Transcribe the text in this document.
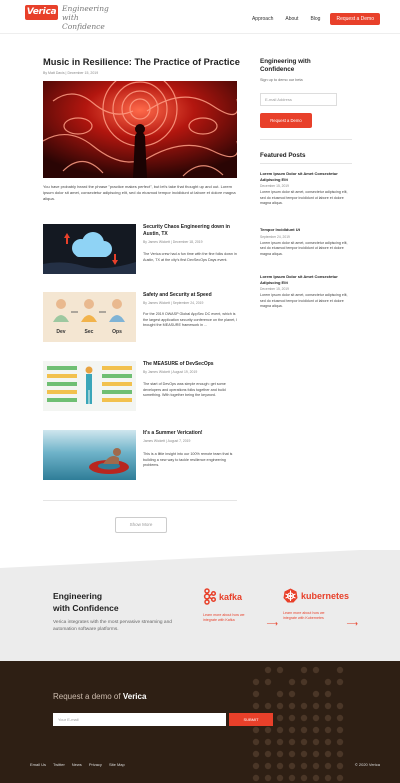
Verica Engineering
with
Confidence
Approach About Blog	Request a Demo
Music in Resilience: The Practice of Practice
By Matt Davis | December 15, 2019
You have probably heard the phrase "practice makes perfect", but let's take that thought up and out. Lorem ipsum dolor sit amet, consectetur adipiscing elit, sed do eiusmod tempor incididunt ut labore et dolore magna aliqua.
Security Chaos Engineering down in Austin, TX
By James Wickett | December 18, 2019
The Verica crew had a fun time with the fine folks down in Austin, TX at the city's first DevSecOps Days event.
Dev	Sec	Ops
Safety and Security at Speed
By James Wickett | September 24, 2019
For the 2019 OWASP Global AppSec DC event, which is the largest application security conference on the planet, I brought the MEASURE framework in ...
The MEASURE of DevSecOps
By James Wickett | August 19, 2019
The start of DevOps was simple enough: get some developers and operations folks together and build something. With together being the keyword.
It's a Summer Verication!
James Wickett | August 7, 2019
This is a little insight into our 100% remote team that is building a new way to tackle resilience engineering problems.
Show More
Engineering with Confidence
Sign up to demo our beta
E-mail Address
Request a Demo
Featured Posts
Lorem Ipsum Dolor sit Amet Consectetur Adipiscing Elit
December 15, 2019
Lorem ipsum dolor sit amet, consectetur adipiscing elit, sed do eiusmod tempor incididunt ut labore et dolore magna aliqua.
Tempor Incididunt Ut
September 24, 2019
Lorem ipsum dolor sit amet, consectetur adipiscing elit, sed do eiusmod tempor incididunt ut labore et dolore magna aliqua.
Lorem Ipsum Dolor sit Amet Consectetur Adipiscing Elit
December 15, 2019
Lorem ipsum dolor sit amet, consectetur adipiscing elit, sed do eiusmod tempor incididunt ut labore et dolore magna aliqua.
Engineering
with Confidence
Verica integrates with the most pervasive streaming and automation software platforms.
kafka
Learn more about how we integrate with Kafka	⟶
kubernetes
Learn more about how we integrate with Kubernetes
⟶
Request a demo of Verica
Your E-mail	SUBMIT
Email Us Twitter News Privacy Site Map	© 2020 Verica
